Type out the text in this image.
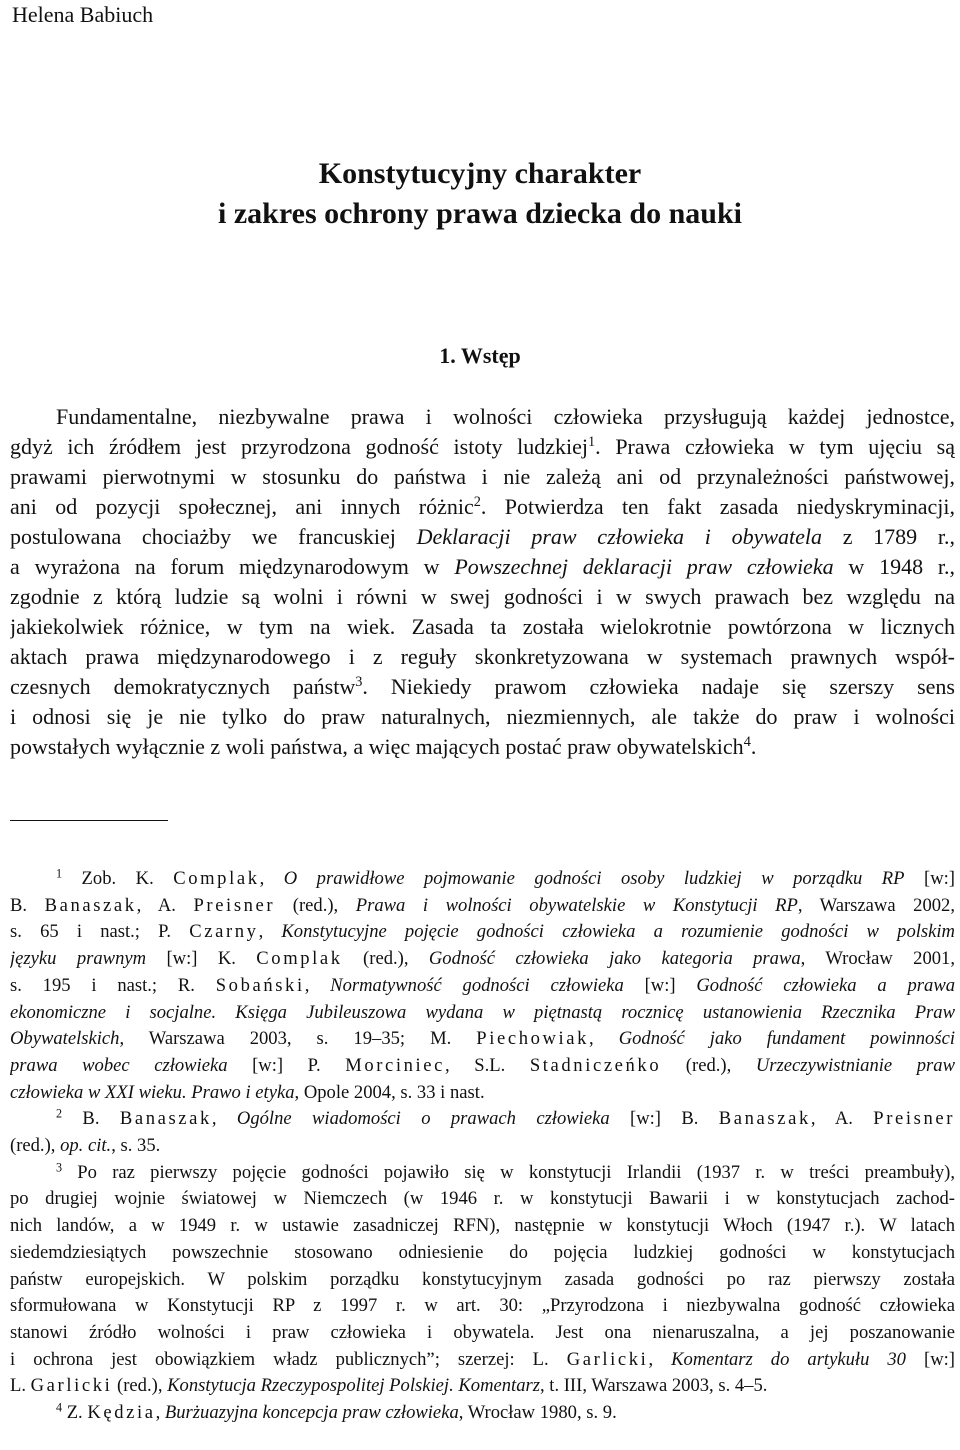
Helena Babiuch
Konstytucyjny charakter
i zakres ochrony prawa dziecka do nauki
1. Wstęp
Fundamentalne, niezbywalne prawa i wolności człowieka przysługują każdej jednostce,
gdyż ich źródłem jest przyrodzona godność istoty ludzkiej$^1$. Prawa człowieka w tym ujęciu są
prawami pierwotnymi w stosunku do państwa i nie zależą ani od przynależności państwowej,
ani od pozycji społecznej, ani innych różnic$^2$. Potwierdza ten fakt zasada niedyskryminacji,
postulowana chociażby we francuskiej Deklaracji praw człowieka i obywatela z 1789 r.,
a wyrażona na forum międzynarodowym w Powszechnej deklaracji praw człowieka w 1948 r.,
zgodnie z którą ludzie są wolni i równi w swej godności i w swych prawach bez względu na
jakiekolwiek różnice, w tym na wiek. Zasada ta została wielokrotnie powtórzona w licznych
aktach prawa międzynarodowego i z reguły skonkretyzowana w systemach prawnych współ-
czesnych demokratycznych państw$^3$. Niekiedy prawom człowieka nadaje się szerszy sens
i odnosi się je nie tylko do praw naturalnych, niezmiennych, ale także do praw i wolności
powstałych wyłącznie z woli państwa, a więc mających postać praw obywatelskich$^4$.
$^1$ Zob. K. Complak, O prawidłowe pojmowanie godności osoby ludzkiej w porządku RP [w:]
B. Banaszak, A. Preisner (red.), Prawa i wolności obywatelskie w Konstytucji RP, Warszawa 2002,
s. 65 i nast.; P. Czarny, Konstytucyjne pojęcie godności człowieka a rozumienie godności w polskim
języku prawnym [w:] K. Complak (red.), Godność człowieka jako kategoria prawa, Wrocław 2001,
s. 195 i nast.; R. Sobański, Normatywność godności człowieka [w:] Godność człowieka a prawa
ekonomiczne i socjalne. Księga Jubileuszowa wydana w piętnastą rocznicę ustanowienia Rzecznika Praw
Obywatelskich, Warszawa 2003, s. 19–35; M. Piechowiak, Godność jako fundament powinności
prawa wobec człowieka [w:] P. Morciniec, S.L. Stadniczeńko (red.), Urzeczywistnianie praw
człowieka w XXI wieku. Prawo i etyka, Opole 2004, s. 33 i nast.
$^2$ B. Banaszak, Ogólne wiadomości o prawach człowieka [w:] B. Banaszak, A. Preisner
(red.), op. cit., s. 35.
$^3$ Po raz pierwszy pojęcie godności pojawiło się w konstytucji Irlandii (1937 r. w treści preambuły),
po drugiej wojnie światowej w Niemczech (w 1946 r. w konstytucji Bawarii i w konstytucjach zachod-
nich landów, a w 1949 r. w ustawie zasadniczej RFN), następnie w konstytucji Włoch (1947 r.). W latach
siedemdziesiątych powszechnie stosowano odniesienie do pojęcia ludzkiej godności w konstytucjach
państw europejskich. W polskim porządku konstytucyjnym zasada godności po raz pierwszy została
sformułowana w Konstytucji RP z 1997 r. w art. 30: „Przyrodzona i niezbywalna godność człowieka
stanowi źródło wolności i praw człowieka i obywatela. Jest ona nienaruszalna, a jej poszanowanie
i ochrona jest obowiązkiem władz publicznych”; szerzej: L. Garlicki, Komentarz do artykułu 30 [w:]
L. Garlicki (red.), Konstytucja Rzeczypospolitej Polskiej. Komentarz, t. III, Warszawa 2003, s. 4–5.
$^4$ Z. Kędzia, Burżuazyjna koncepcja praw człowieka, Wrocław 1980, s. 9.
